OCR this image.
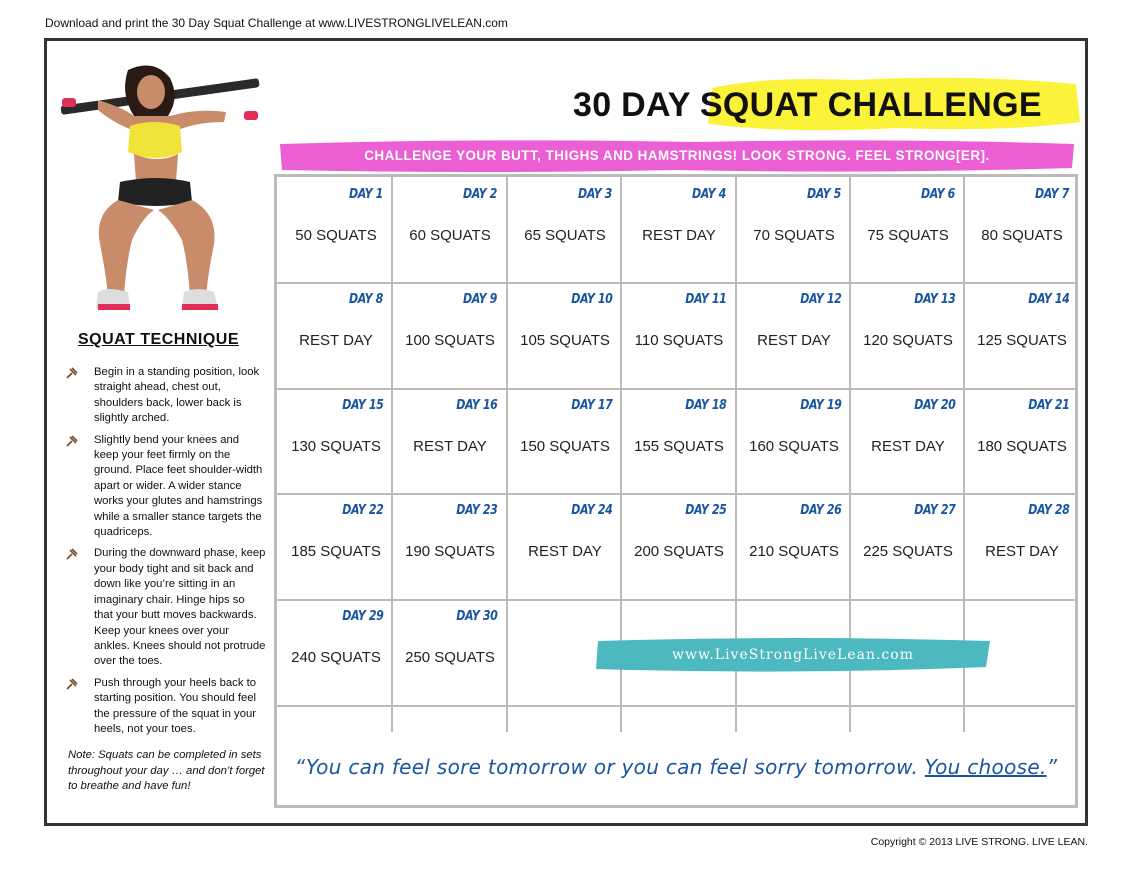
Download and print the 30 Day Squat Challenge at www.LIVESTRONGLIVELEAN.com
SQUAT TECHNIQUE
Begin in a standing position, look straight ahead, chest out, shoulders back, lower back is slightly arched.
Slightly bend your knees and keep your feet firmly on the ground. Place feet shoulder-width apart or wider. A wider stance works your glutes and hamstrings while a smaller stance targets the quadriceps.
During the downward phase, keep your body tight and sit back and down like you’re sitting in an imaginary chair. Hinge hips so that your butt moves backwards. Keep your knees over your ankles. Knees should not protrude over the toes.
Push through your heels back to starting position. You should feel the pressure of the squat in your heels, not your toes.
Note: Squats can be completed in sets throughout your day … and don’t forget to breathe and have fun!
30 DAY SQUAT CHALLENGE
CHALLENGE YOUR BUTT, THIGHS AND HAMSTRINGS! LOOK STRONG. FEEL STRONG[ER].
DAY 1
50 SQUATS
DAY 2
60 SQUATS
DAY 3
65 SQUATS
DAY 4
REST DAY
DAY 5
70 SQUATS
DAY 6
75 SQUATS
DAY 7
80 SQUATS
DAY 8
REST DAY
DAY 9
100 SQUATS
DAY 10
105 SQUATS
DAY 11
110 SQUATS
DAY 12
REST DAY
DAY 13
120 SQUATS
DAY 14
125 SQUATS
DAY 15
130 SQUATS
DAY 16
REST DAY
DAY 17
150 SQUATS
DAY 18
155 SQUATS
DAY 19
160 SQUATS
DAY 20
REST DAY
DAY 21
180 SQUATS
DAY 22
185 SQUATS
DAY 23
190 SQUATS
DAY 24
REST DAY
DAY 25
200 SQUATS
DAY 26
210 SQUATS
DAY 27
225 SQUATS
DAY 28
REST DAY
DAY 29
240 SQUATS
DAY 30
250 SQUATS
“You can feel sore tomorrow or you can feel sorry tomorrow. You choose.”
www.LiveStrongLiveLean.com
Copyright © 2013 LIVE STRONG. LIVE LEAN.
